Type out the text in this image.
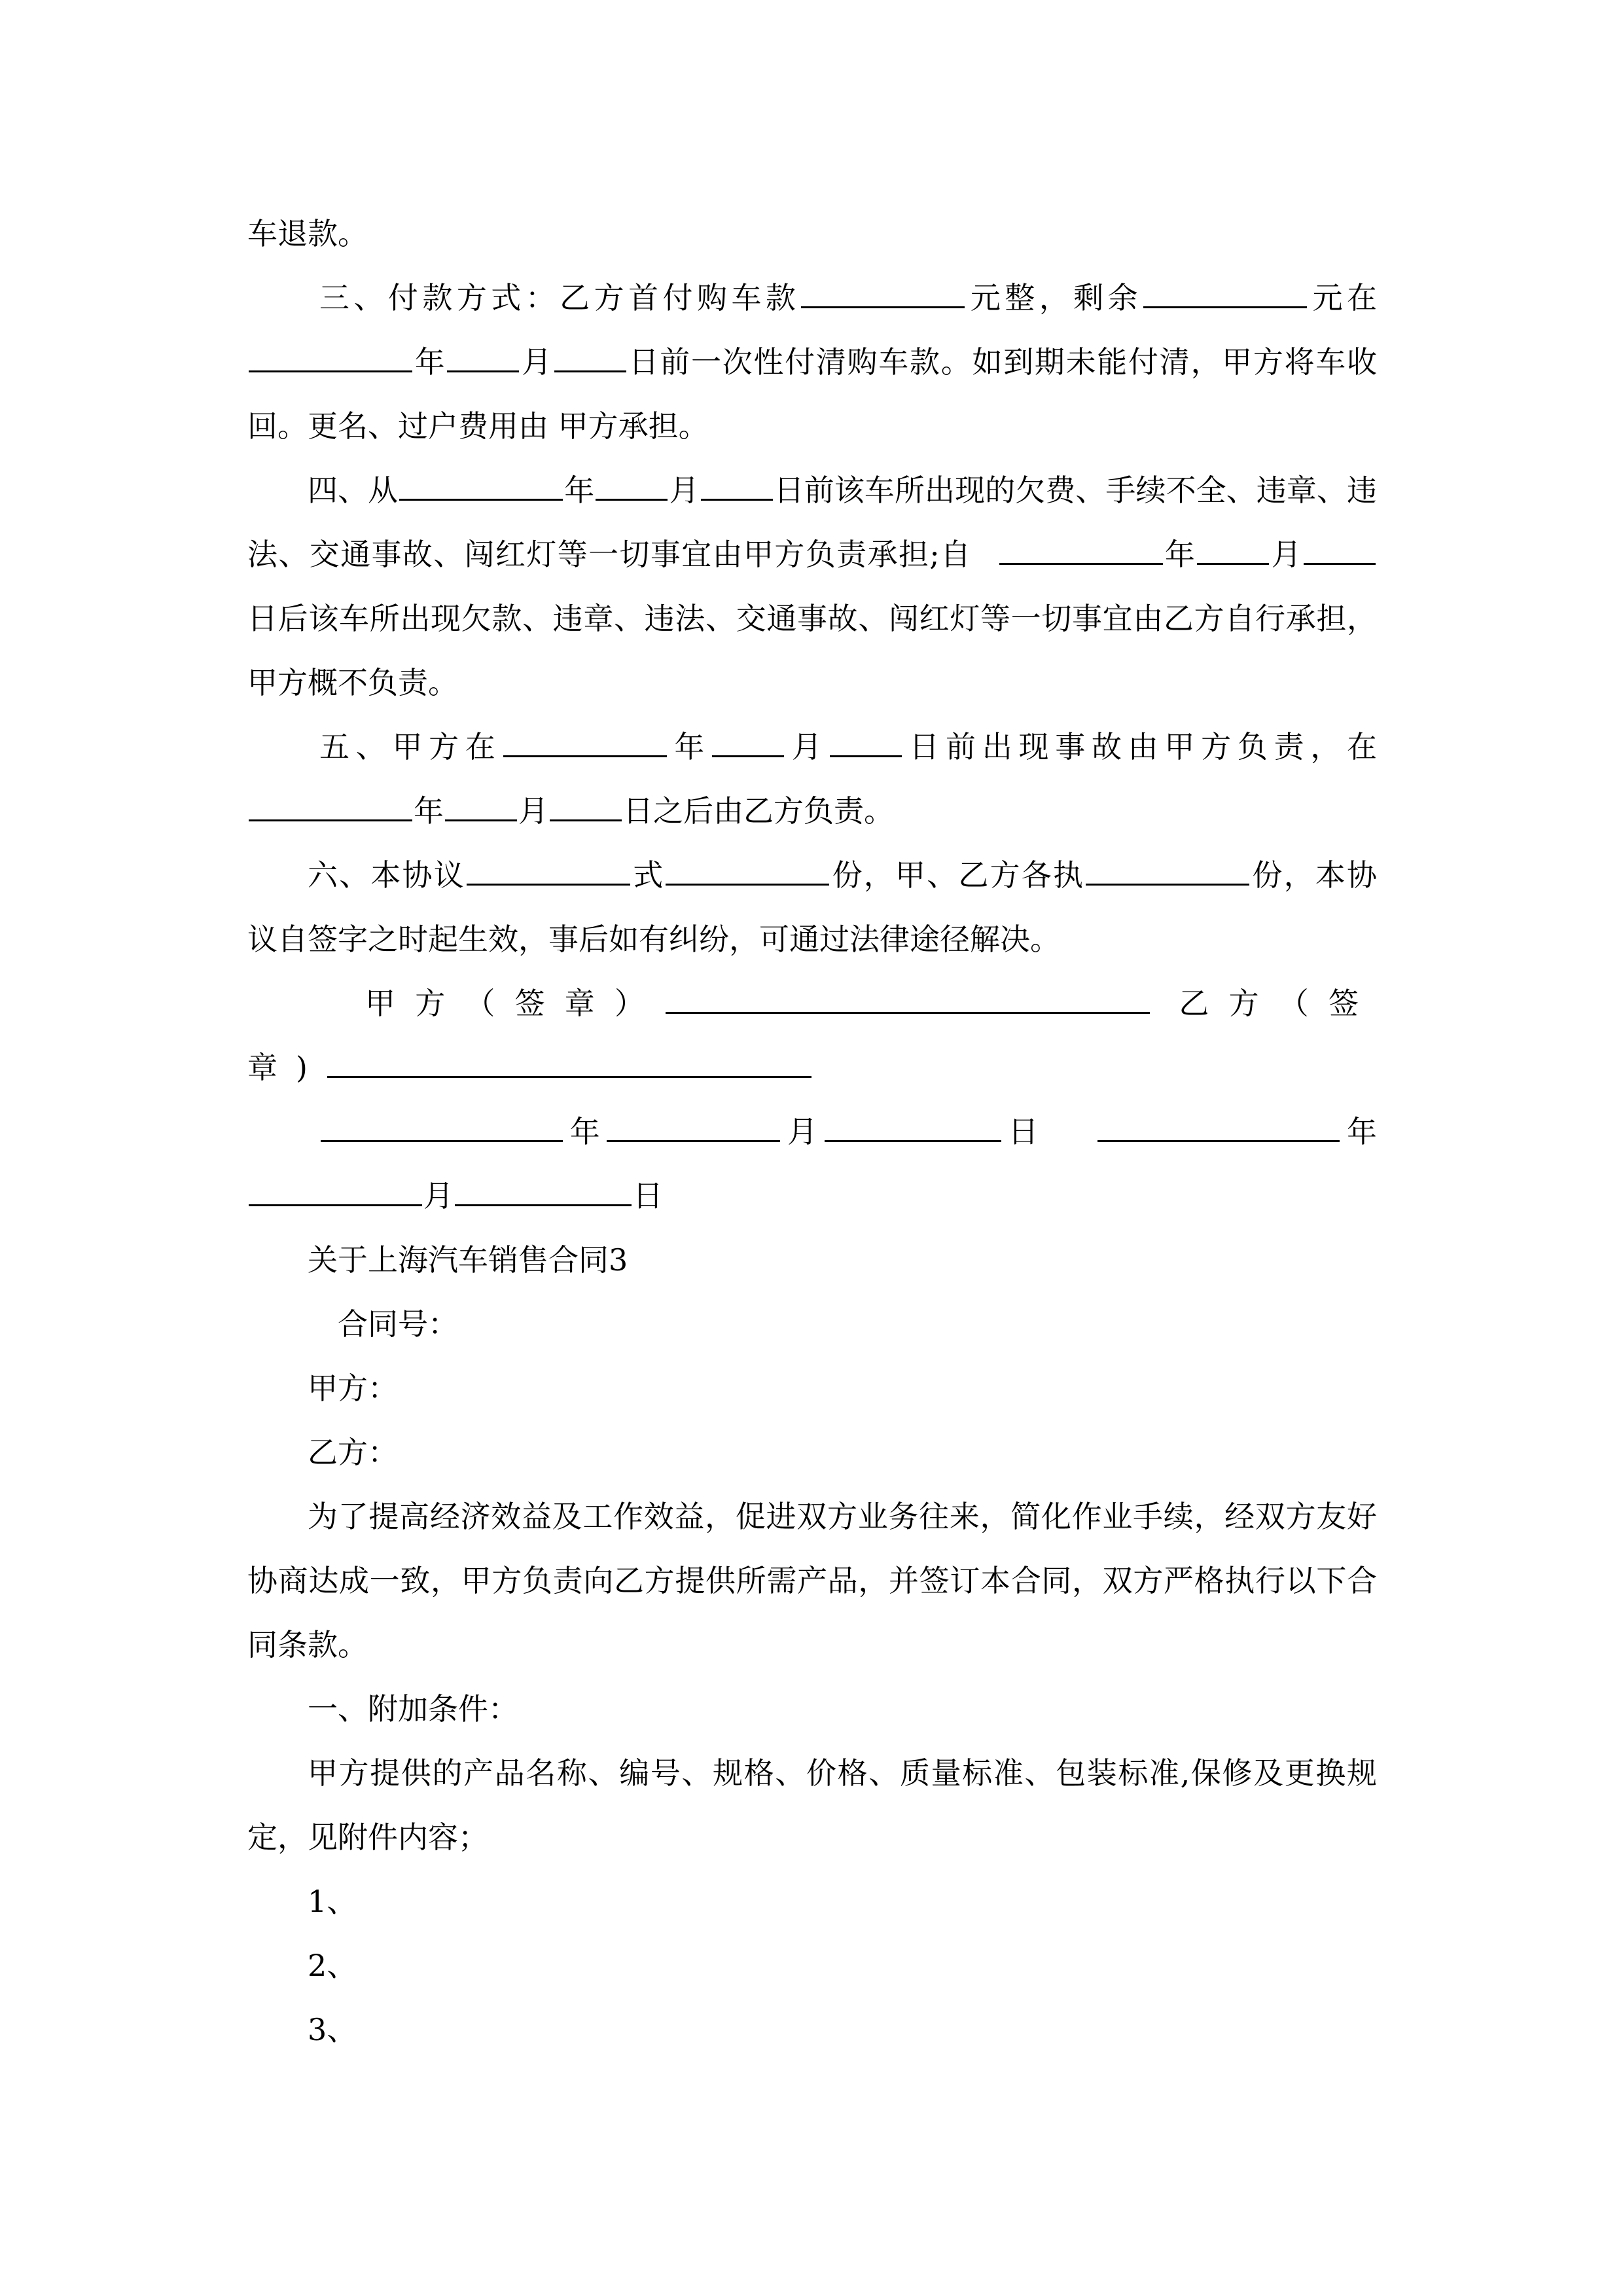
车退款。

三、付款方式：乙方首付购车款	元整，剩余	元在年 月 日前一次性付清购车款。如到期未能付清，甲方将车收回。更名、过户费用由 甲方承担。

四、从	年 月 日前该车所出现的欠费、手续不全、违章、违法、交通事故、闯红灯等一切事宜由甲方负责承担;自	年 月日后该车所出现欠款、违章、违法、交通事故、闯红灯等一切事宜由乙方自行承担，甲方概不负责。

五、甲方在	年 月 日前出现事故由甲方负责，在年 月 日之后由乙方负责。

六、本协议	式	份，甲、乙方各执	份，本协议自签字之时起生效，事后如有纠纷，可通过法律途径解决。

甲方（签章）	乙方（签章)

年	月	日	年月	日

关于上海汽车销售合同3

合同号：

甲方：

乙方：

为了提高经济效益及工作效益，促进双方业务往来，简化作业手续，经双方友好协商达成一致，甲方负责向乙方提供所需产品，并签订本合同，双方严格执行以下合同条款。

一、附加条件：

甲方提供的产品名称、编号、规格、价格、质量标准、包装标准,保修及更换规定，见附件内容；

1、

2、

3、
